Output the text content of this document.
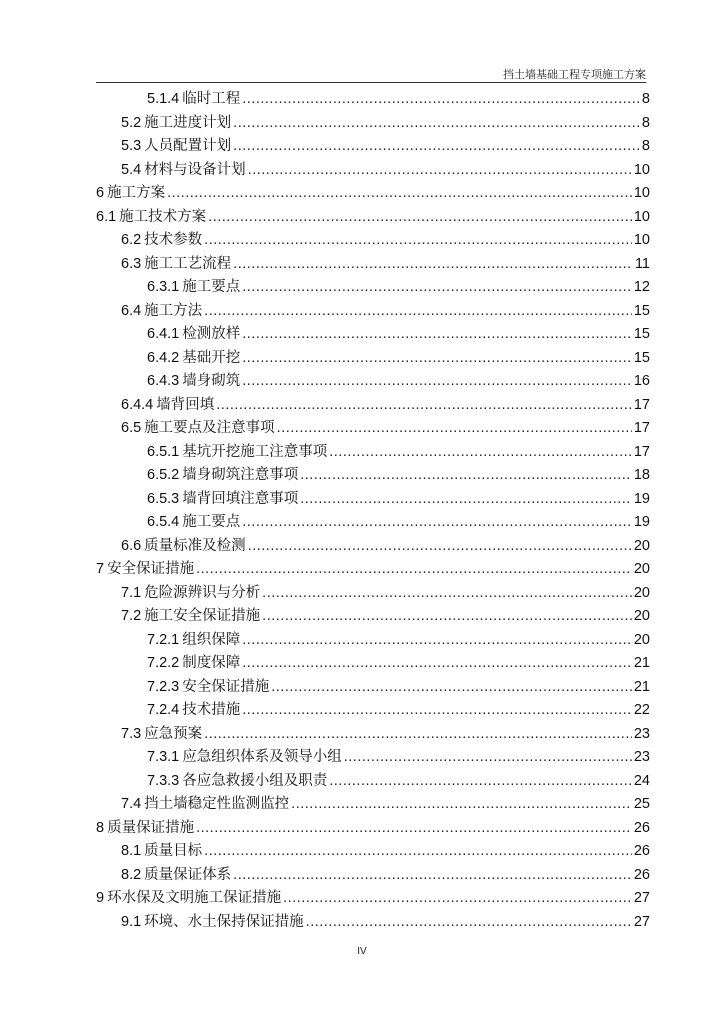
挡土墙基础工程专项施工方案
5.1.4 临时工程 .....	8
5.2 施工进度计划 .....	8
5.3 人员配置计划 .....	8
5.4 材料与设备计划 .....	10
6 施工方案 .....	10
6.1 施工技术方案 .....	10
6.2 技术参数 .....	10
6.3 施工工艺流程 .....	11
6.3.1 施工要点 .....	12
6.4 施工方法 .....	15
6.4.1 检测放样 .....	15
6.4.2 基础开挖 .....	15
6.4.3 墙身砌筑 .....	16
6.4.4 墙背回填 .....	17
6.5 施工要点及注意事项 .....	17
6.5.1 基坑开挖施工注意事项 .....	17
6.5.2 墙身砌筑注意事项 .....	18
6.5.3 墙背回填注意事项 .....	19
6.5.4 施工要点 .....	19
6.6 质量标准及检测 .....	20
7 安全保证措施 .....	20
7.1 危险源辨识与分析 .....	20
7.2 施工安全保证措施 .....	20
7.2.1 组织保障 .....	20
7.2.2 制度保障 .....	21
7.2.3 安全保证措施 .....	21
7.2.4 技术措施 .....	22
7.3 应急预案 .....	23
7.3.1 应急组织体系及领导小组 .....	23
7.3.3 各应急救援小组及职责 .....	24
7.4 挡土墙稳定性监测监控 .....	25
8 质量保证措施 .....	26
8.1 质量目标 .....	26
8.2 质量保证体系 .....	26
9 环水保及文明施工保证措施 .....	27
9.1 环境、水土保持保证措施 .....	27
IV
